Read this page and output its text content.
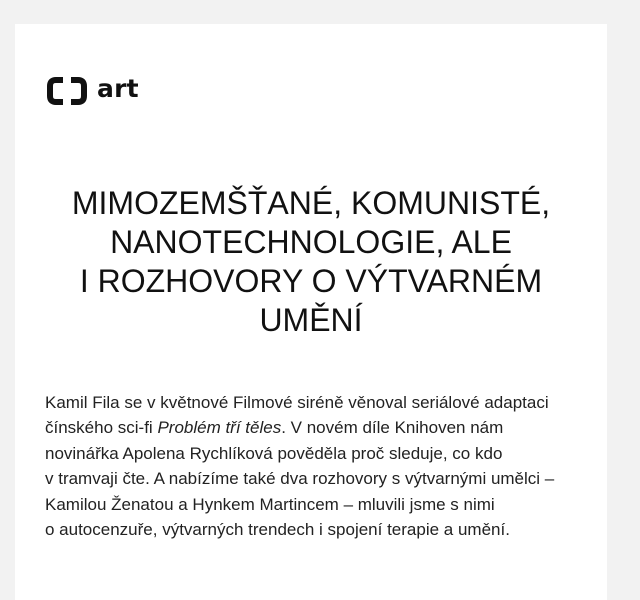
art
MIMOZEMŠŤANÉ, KOMUNISTÉ,
NANOTECHNOLOGIE, ALE
I ROZHOVORY O VÝTVARNÉM
UMĚNÍ

Kamil Fila se v květnové Filmové siréně věnoval seriálové adaptaci
čínského sci-fi Problém tří těles. V novém díle Knihoven nám
novinářka Apolena Rychlíková pověděla proč sleduje, co kdo
v tramvaji čte. A nabízíme také dva rozhovory s výtvarnými umělci –
Kamilou Ženatou a Hynkem Martincem – mluvili jsme s nimi
o autocenzuře, výtvarných trendech i spojení terapie a umění.
